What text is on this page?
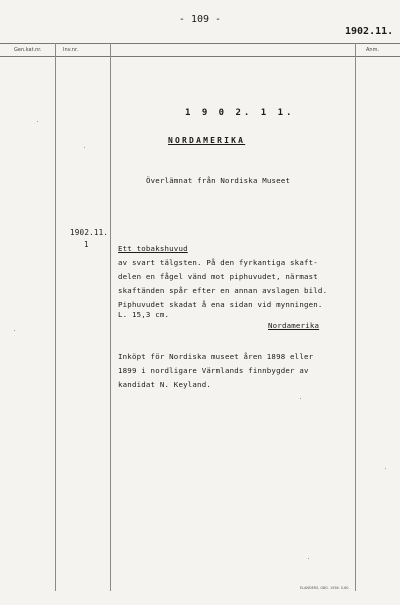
- 109 -
1902.11.
Gen.kat.nr.	Inv.nr.	Anm.
1 9 0 2. 1 1.
NORDAMERIKA
Överlämnat från Nordiska Museet
1902.11.
1	Ett tobakshuvud
av svart tälgsten. På den fyrkantiga skaft-
delen en fågel vänd mot piphuvudet, närmast
skaftänden spår efter en annan avslagen bild.
Piphuvudet skadat å ena sidan vid mynningen.
L. 15,3 cm.
Nordamerika
Inköpt för Nordiska museet åren 1898 eller
1899 i nordligare Värmlands finnbygder av
kandidat N. Keyland.
ELANDERS, GBG. 1936. S.60.
